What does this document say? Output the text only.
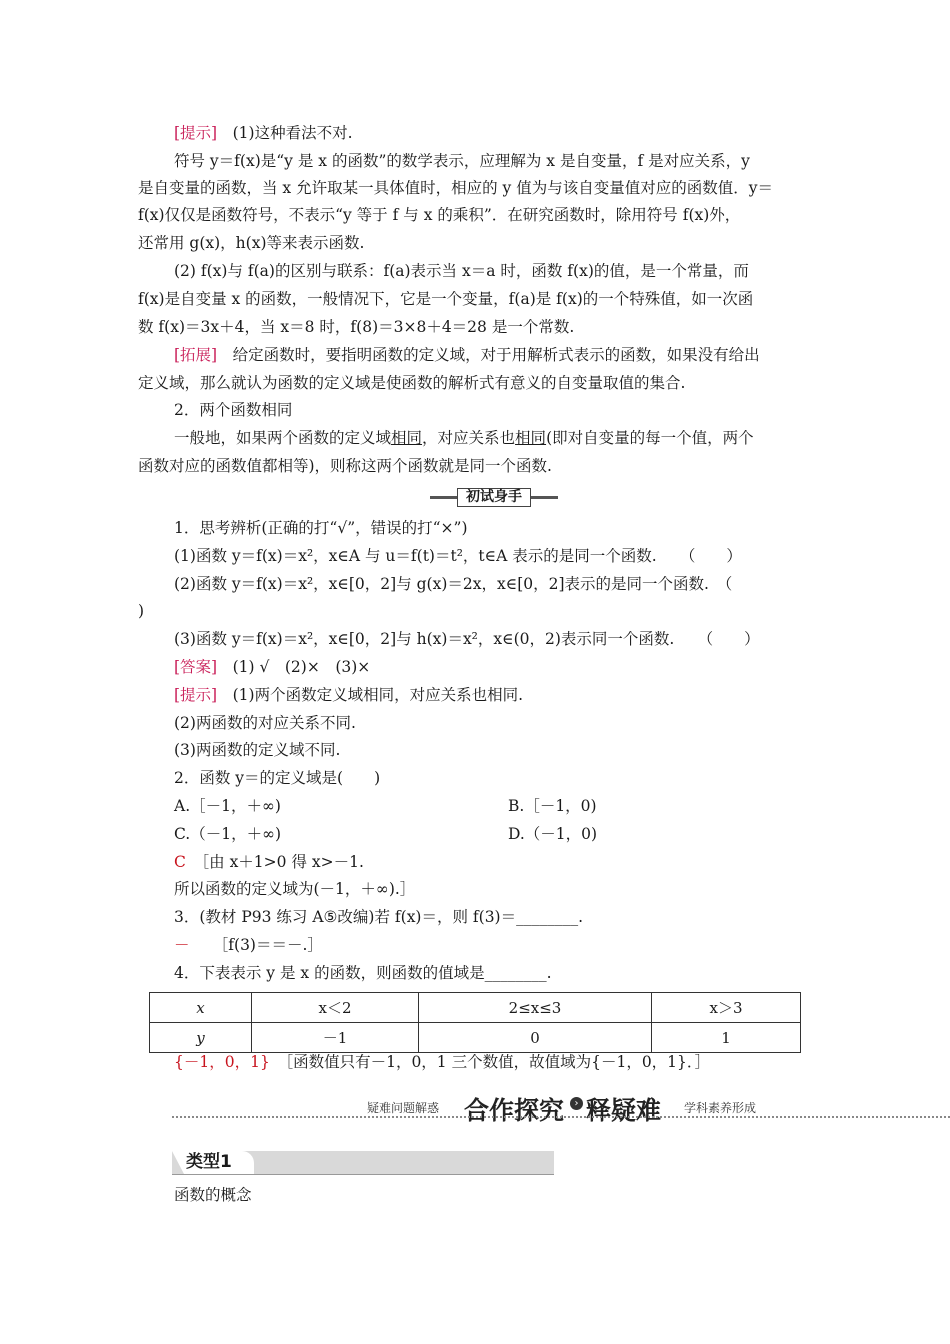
[提示]　 (1)这种看法不对.
符号 y＝f(x)是“y 是 x 的函数”的数学表示，应理解为 x 是自变量，f 是对应关系，y
是自变量的函数，当 x 允许取某一具体值时，相应的 y 值为与该自变量值对应的函数值．y＝
f(x)仅仅是函数符号，不表示“y 等于 f 与 x 的乘积”．在研究函数时，除用符号 f(x)外，
还常用 g(x)，h(x)等来表示函数.
(2) f(x)与 f(a)的区别与联系：f(a)表示当 x＝a 时，函数 f(x)的值，是一个常量，而
f(x)是自变量 x 的函数，一般情况下，它是一个变量，f(a)是 f(x)的一个特殊值，如一次函
数 f(x)＝3x＋4，当 x＝8 时，f(8)＝3×8＋4＝28 是一个常数.
[拓展]　 给定函数时，要指明函数的定义域，对于用解析式表示的函数，如果没有给出
定义域，那么就认为函数的定义域是使函数的解析式有意义的自变量取值的集合.
2．两个函数相同
一般地，如果两个函数的定义域相同，对应关系也相同(即对自变量的每一个值，两个
函数对应的函数值都相等)，则称这两个函数就是同一个函数.
初试身手
1．思考辨析(正确的打“√”，错误的打“×”)
(1)函数 y＝f(x)＝x²，x∈A 与 u＝f(t)＝t²，t∈A 表示的是同一个函数.　　（　　）
(2)函数 y＝f(x)＝x²，x∈[0，2]与 g(x)＝2x，x∈[0，2]表示的是同一个函数.　（
)
(3)函数 y＝f(x)＝x²，x∈[0，2]与 h(x)＝x²，x∈(0，2)表示同一个函数.　　（　　）
[答案]　 (1) √　(2)×　(3)×
[提示]　 (1)两个函数定义域相同，对应关系也相同.
(2)两函数的对应关系不同.
(3)两函数的定义域不同.
2．函数 y＝的定义域是(　　)
A.［－1，＋∞)	B.［－1，0)
C.（－1，＋∞)	D.（－1，0)
C　 ［由 x＋1>0 得 x>－1.
所以函数的定义域为(－1，＋∞).］
3．(教材 P93 练习 A⑤改编)若 f(x)＝，则 f(3)＝________.
－　　 ［f(3)＝＝－.］
4．下表表示 y 是 x 的函数，则函数的值域是________.
x	x＜2	2≤x≤3	x＞3
y	－1	0	1
{－1，0，1}　 ［函数值只有－1，0，1 三个数值，故值域为{－1，0，1}．］
疑难问题解惑 合作探究	› 释疑难 学科素养形成
类型1
函数的概念
